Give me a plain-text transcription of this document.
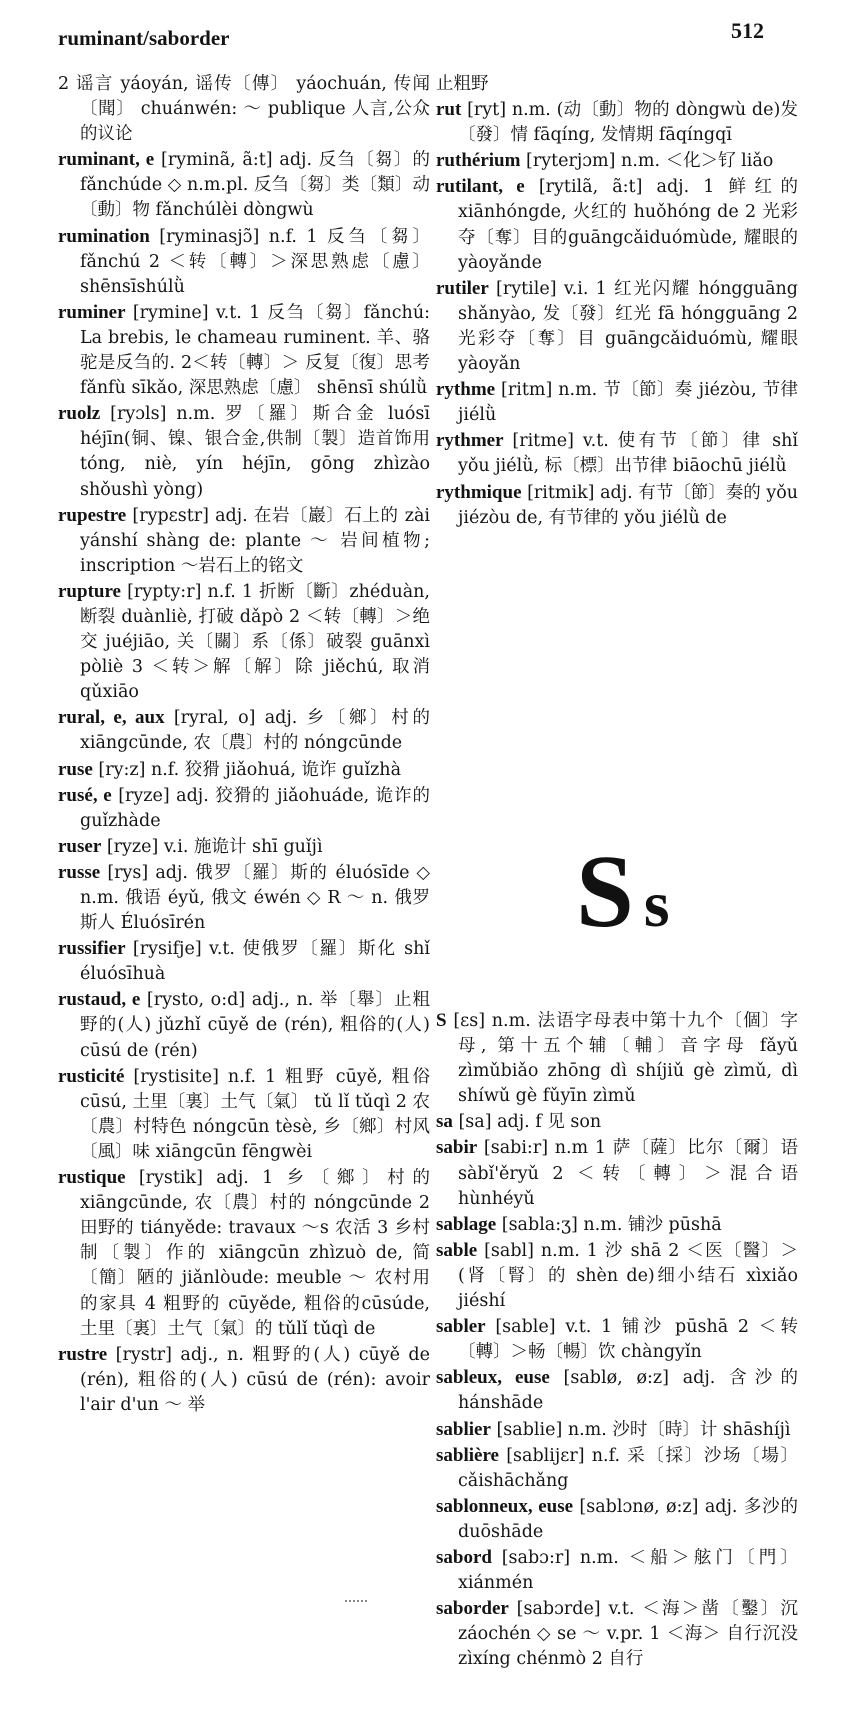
ruminant/saborder	512

2 谣言 yáoyán, 谣传〔傳〕 yáochuán, 传闻〔聞〕 chuánwén: ～ publique 人言,公众的议论

ruminant, e [ryminã, ã:t] adj. 反刍〔芻〕的 fǎnchúde ◇ n.m.pl. 反刍〔芻〕类〔類〕动〔動〕物 fǎnchúlèi dòngwù

rumination [ryminasjɔ̃] n.f. 1 反刍〔芻〕fǎnchú 2 ＜转〔轉〕＞深思熟虑〔慮〕 shēnsīshúlǜ

ruminer [rymine] v.t. 1 反刍〔芻〕fǎnchú: La brebis, le chameau ruminent. 羊、骆驼是反刍的. 2＜转〔轉〕＞ 反复〔復〕思考 fǎnfù sīkǎo, 深思熟虑〔慮〕 shēnsī shúlǜ

ruolz [ryɔls] n.m. 罗〔羅〕斯合金 luósī héjīn(铜、镍、银合金,供制〔製〕造首饰用 tóng, niè, yín héjīn, gōng zhìzào shǒushì yòng)

rupestre [rypɛstr] adj. 在岩〔巖〕石上的 zài yánshí shàng de: plante ～ 岩间植物; inscription ～岩石上的铭文

rupture [rypty:r] n.f. 1 折断〔斷〕zhéduàn, 断裂 duànliè, 打破 dǎpò 2 ＜转〔轉〕＞绝交 juéjiāo, 关〔關〕系〔係〕破裂 guānxì pòliè 3 ＜转＞解〔解〕除 jiěchú, 取消 qǔxiāo

rural, e, aux [ryral, o] adj. 乡〔鄉〕村的 xiāngcūnde, 农〔農〕村的 nóngcūnde

ruse [ry:z] n.f. 狡猾 jiǎohuá, 诡诈 guǐzhà

rusé, e [ryze] adj. 狡猾的 jiǎohuáde, 诡诈的 guǐzhàde

ruser [ryze] v.i. 施诡计 shī guǐjì

russe [rys] adj. 俄罗〔羅〕斯的 éluósīde ◇ n.m. 俄语 éyǔ, 俄文 éwén ◇ R ～ n. 俄罗斯人 Éluósīrén

russifier [rysifje] v.t. 使俄罗〔羅〕斯化 shǐ éluósīhuà

rustaud, e [rysto, o:d] adj., n. 举〔舉〕止粗野的(人) jǔzhǐ cūyě de (rén), 粗俗的(人) cūsú de (rén)

rusticité [rystisite] n.f. 1 粗野 cūyě, 粗俗 cūsú, 土里〔裏〕土气〔氣〕 tǔ lǐ tǔqì 2 农〔農〕村特色 nóngcūn tèsè, 乡〔鄉〕村风〔風〕味 xiāngcūn fēngwèi

rustique [rystik] adj. 1 乡〔鄉〕村的 xiāngcūnde, 农〔農〕村的 nóngcūnde 2 田野的 tiányěde: travaux ～s 农活 3 乡村制〔製〕作的 xiāngcūn zhìzuò de, 简〔簡〕陋的 jiǎnlòude: meuble ～ 农村用的家具 4 粗野的 cūyěde, 粗俗的cūsúde, 土里〔裏〕土气〔氣〕的 tǔlǐ tǔqì de

rustre [rystr] adj., n. 粗野的(人) cūyě de (rén), 粗俗的(人) cūsú de (rén): avoir l'air d'un ～ 举

止粗野

rut [ryt] n.m. (动〔動〕物的 dòngwù de)发〔發〕情 fāqíng, 发情期 fāqíngqī

ruthérium [ryterjɔm] n.m. ＜化＞钌 liǎo

rutilant, e [rytilã, ã:t] adj. 1 鲜红的 xiānhóngde, 火红的 huǒhóng de 2 光彩夺〔奪〕目的guāngcǎiduómùde, 耀眼的 yàoyǎnde

rutiler [rytile] v.i. 1 红光闪耀 hóngguāng shǎnyào, 发〔發〕红光 fā hóngguāng 2 光彩夺〔奪〕目 guāngcǎiduómù, 耀眼 yàoyǎn

rythme [ritm] n.m. 节〔節〕奏 jiézòu, 节律 jiélǜ

rythmer [ritme] v.t. 使有节〔節〕律 shǐ yǒu jiélǜ, 标〔標〕出节律 biāochū jiélǜ

rythmique [ritmik] adj. 有节〔節〕奏的 yǒu jiézòu de, 有节律的 yǒu jiélǜ de

Ss

S [ɛs] n.m. 法语字母表中第十九个〔個〕字母, 第十五个辅〔輔〕音字母 fǎyǔ zìmǔbiǎo zhōng dì shíjiǔ gè zìmǔ, dì shíwǔ gè fǔyīn zìmǔ

sa [sa] adj. f 见 son

sabir [sabi:r] n.m 1 萨〔薩〕比尔〔爾〕语 sàbǐ'ěryǔ 2 ＜转〔轉〕＞混合语 hùnhéyǔ

sablage [sabla:ʒ] n.m. 铺沙 pūshā

sable [sabl] n.m. 1 沙 shā 2 ＜医〔醫〕＞(肾〔腎〕的 shèn de)细小结石 xìxiǎo jiéshí

sabler [sable] v.t. 1 铺沙 pūshā 2 ＜转〔轉〕＞畅〔暢〕饮 chàngyǐn

sableux, euse [sablø, ø:z] adj. 含沙的 hánshāde

sablier [sablie] n.m. 沙时〔時〕计 shāshíjì

sablière [sablijɛr] n.f. 采〔採〕沙场〔場〕 cǎishāchǎng

sablonneux, euse [sablɔnø, ø:z] adj. 多沙的 duōshāde

sabord [sabɔ:r] n.m. ＜船＞舷门〔門〕 xiánmén

saborder [sabɔrde] v.t. ＜海＞凿〔鑿〕沉 záochén ◇ se ～ v.pr. 1 ＜海＞ 自行沉没 zìxíng chénmò 2 自行
